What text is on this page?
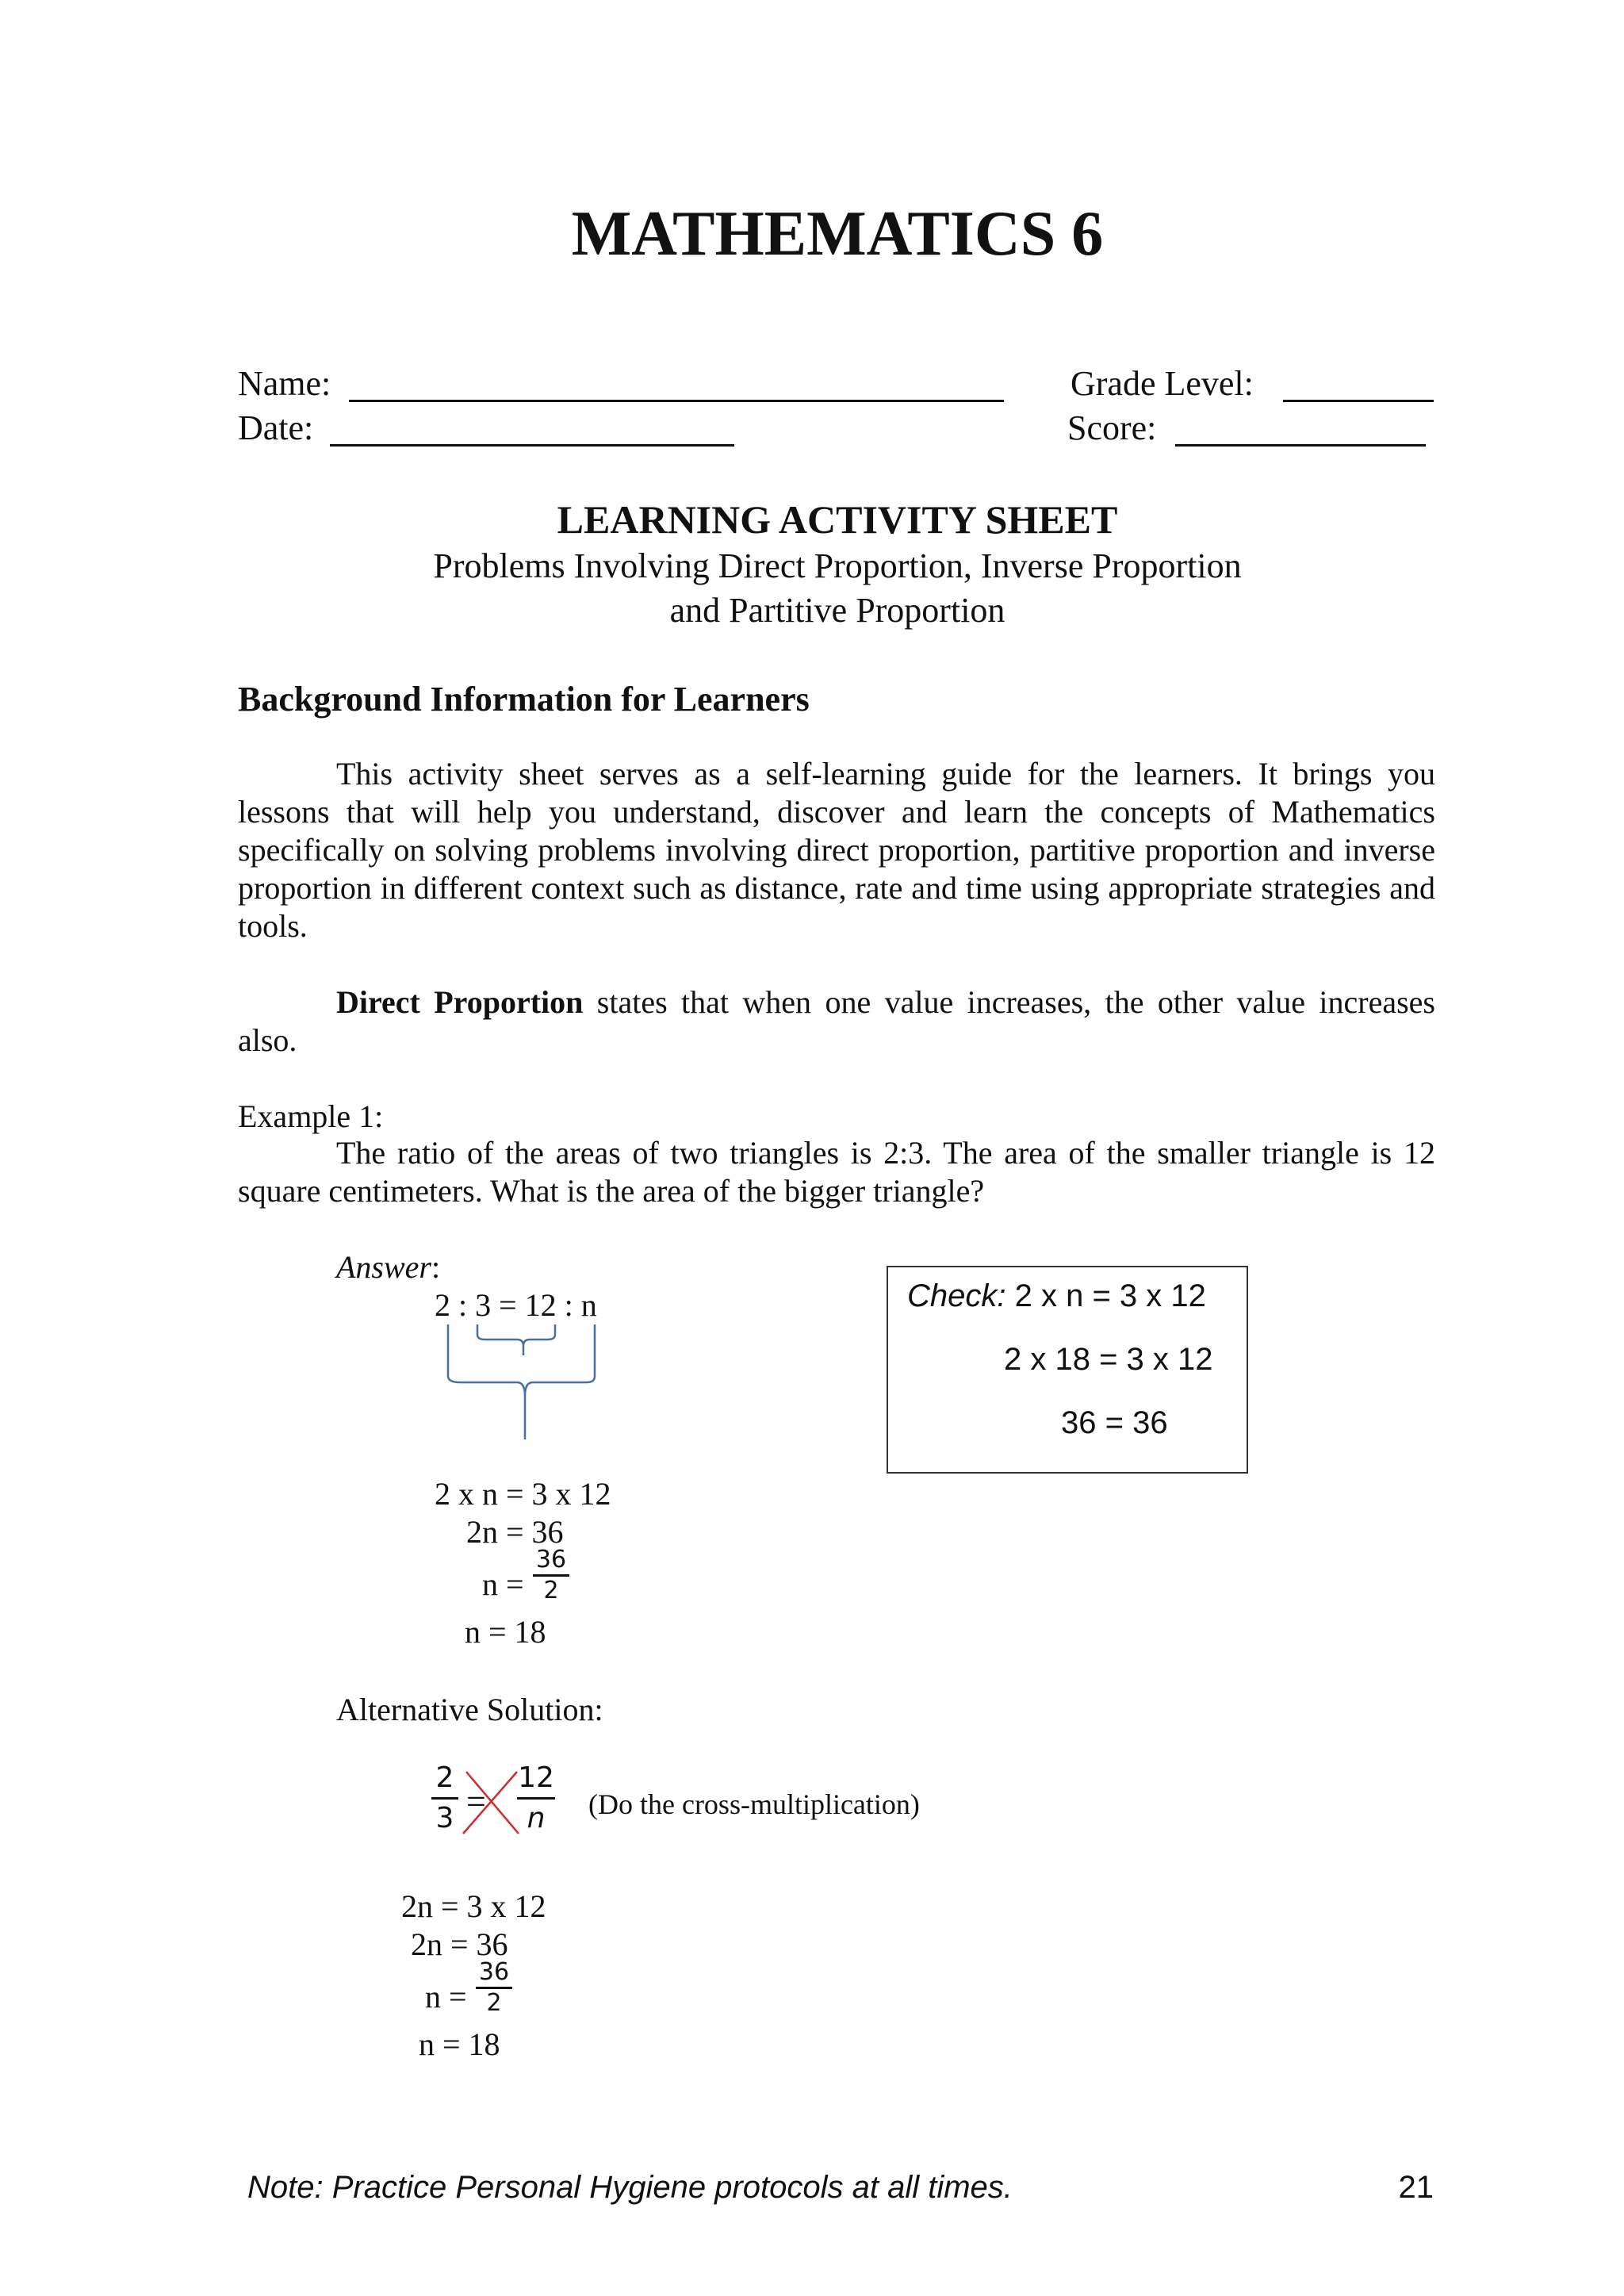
MATHEMATICS 6
Name:	Grade Level:
Date:	Score:
LEARNING ACTIVITY SHEET
Problems Involving Direct Proportion, Inverse Proportion
and Partitive Proportion
Background Information for Learners

This activity sheet serves as a self-learning guide for the learners. It brings you lessons that will help you understand, discover and learn the concepts of Mathematics specifically on solving problems involving direct proportion, partitive proportion and inverse proportion in different context such as distance, rate and time using appropriate strategies and tools.

Direct Proportion states that when one value increases, the other value increases also.

Example 1:

The ratio of the areas of two triangles is 2:3. The area of the smaller triangle is 12 square centimeters. What is the area of the bigger triangle?

Answer:
2 : 3 = 12 : n	Check: 2 x n = 3 x 12
2 x 18 = 3 x 12
36 = 36
2 x n = 3 x 12
2n = 36
n =
36
2
n = 18
Alternative Solution:
2
3 =
12
n	(Do the cross-multiplication)
2n = 3 x 12
2n = 36
n =
36
2
n = 18
Note: Practice Personal Hygiene protocols at all times.	21
